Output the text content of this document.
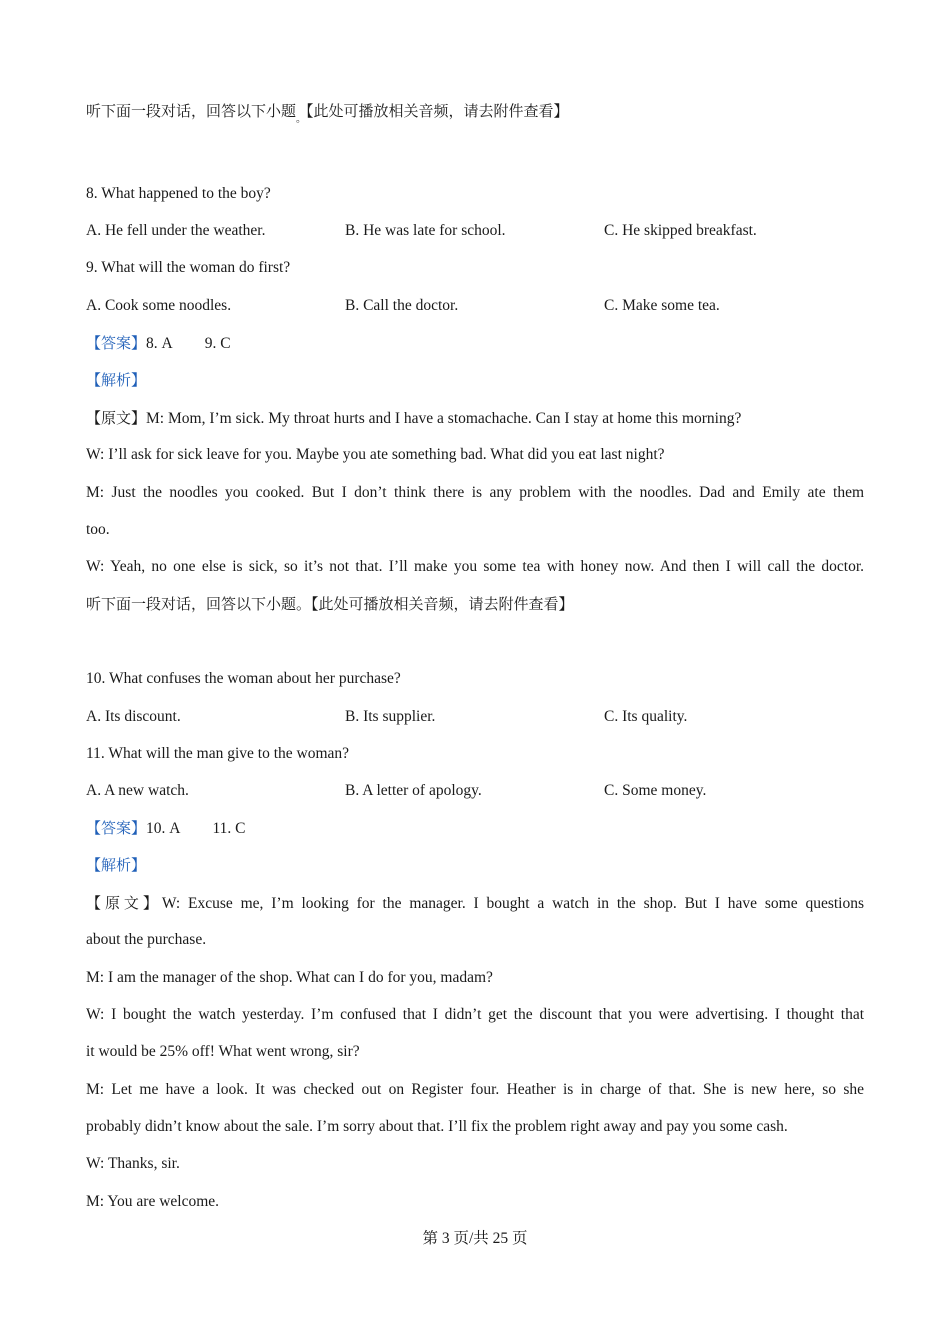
听下面一段对话，回答以下小题$_。$【此处可播放相关音频，请去附件查看】
8. What happened to the boy?
A. He fell under the weather.	B. He was late for school.	C. He skipped breakfast.
9. What will the woman do first?
A. Cook some noodles.	B. Call the doctor.	C. Make some tea.
【答案】8. A 9. C
【解析】
【原文】M: Mom, I’m sick. My throat hurts and I have a stomachache. Can I stay at home this morning?
W: I’ll ask for sick leave for you. Maybe you ate something bad. What did you eat last night?
M: Just the noodles you cooked. But I don’t think there is any problem with the noodles. Dad and Emily ate them
too.
W: Yeah, no one else is sick, so it’s not that. I’ll make you some tea with honey now. And then I will call the doctor.
听下面一段对话，回答以下小题。【此处可播放相关音频，请去附件查看】
10. What confuses the woman about her purchase?
A. Its discount.	B. Its supplier.	C. Its quality.
11. What will the man give to the woman?
A. A new watch.	B. A letter of apology.	C. Some money.
【答案】10. A 11. C
【解析】
【原文】W: Excuse me, I’m looking for the manager. I bought a watch in the shop. But I have some questions
about the purchase.
M: I am the manager of the shop. What can I do for you, madam?
W: I bought the watch yesterday. I’m confused that I didn’t get the discount that you were advertising. I thought that
it would be 25% off! What went wrong, sir?
M: Let me have a look. It was checked out on Register four. Heather is in charge of that. She is new here, so she
probably didn’t know about the sale. I’m sorry about that. I’ll fix the problem right away and pay you some cash.
W: Thanks, sir.
M: You are welcome.
第 3 页/共 25 页
